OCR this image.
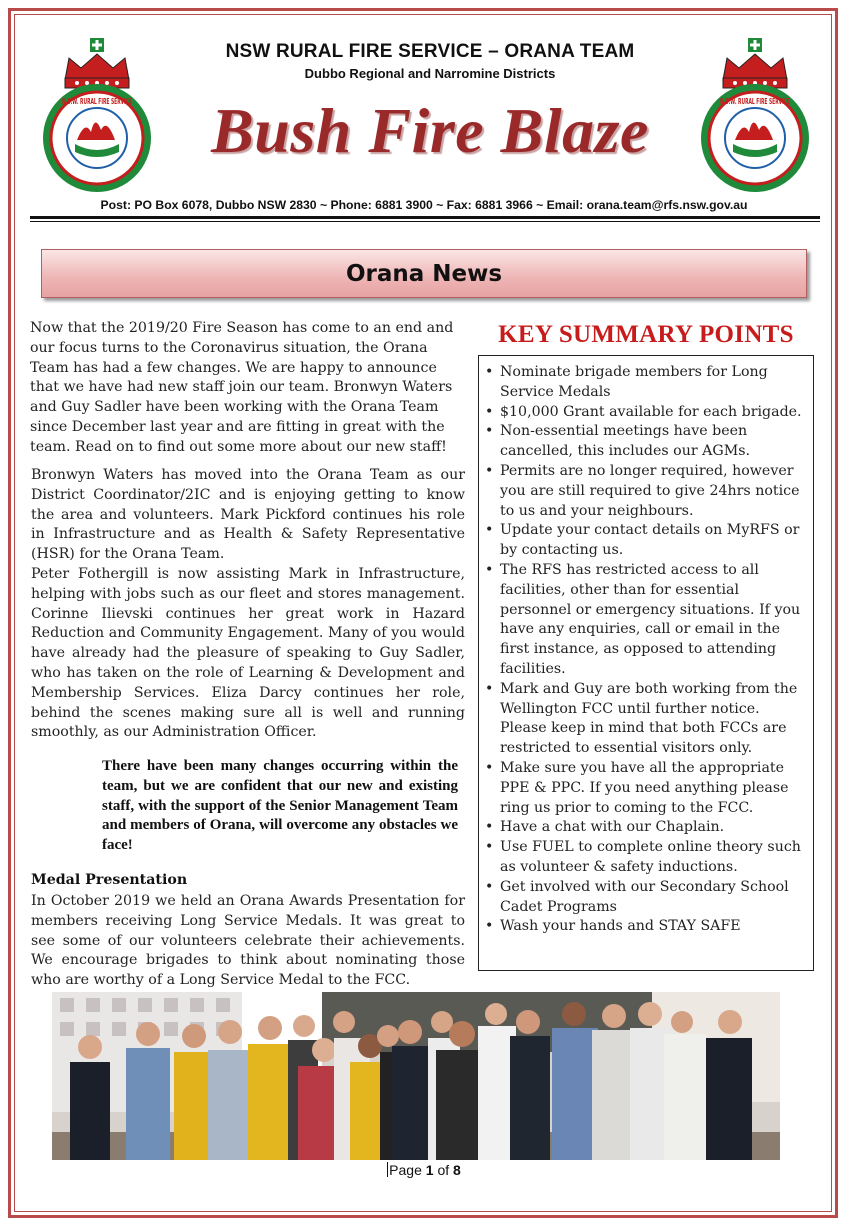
N.S.W. RURAL FIRE SERVICE	N.S.W. RURAL FIRE SERVICE
NSW RURAL FIRE SERVICE – ORANA TEAM
Dubbo Regional and Narromine Districts
Bush Fire Blaze
Post: PO Box 6078, Dubbo NSW 2830 ~ Phone: 6881 3900 ~ Fax: 6881 3966 ~ Email: orana.team@rfs.nsw.gov.au
Orana News

Now that the 2019/20 Fire Season has come to an end and our focus turns to the Coronavirus situation, the Orana Team has had a few changes. We are happy to announce that we have had new staff join our team. Bronwyn Waters and Guy Sadler have been working with the Orana Team since December last year and are fitting in great with the team. Read on to find out some more about our new staff!

Bronwyn Waters has moved into the Orana Team as our District Coordinator/2IC and is enjoying getting to know the area and volunteers. Mark Pickford continues his role in Infrastructure and as Health & Safety Representative (HSR) for the Orana Team.

Peter Fothergill is now assisting Mark in Infrastructure, helping with jobs such as our fleet and stores management. Corinne Ilievski continues her great work in Hazard Reduction and Community Engagement. Many of you would have already had the pleasure of speaking to Guy Sadler, who has taken on the role of Learning & Development and Membership Services. Eliza Darcy continues her role, behind the scenes making sure all is well and running smoothly, as our Administration Officer.

There have been many changes occurring within the team, but we are confident that our new and existing staff, with the support of the Senior Management Team and members of Orana, will overcome any obstacles we face!
Medal Presentation
In October 2019 we held an Orana Awards Presentation for members receiving Long Service Medals. It was great to see some of our volunteers celebrate their achievements. We encourage brigades to think about nominating those who are worthy of a Long Service Medal to the FCC.
KEY SUMMARY POINTS
• Nominate brigade members for Long Service Medals
• $10,000 Grant available for each brigade.
• Non-essential meetings have been cancelled, this includes our AGMs.
• Permits are no longer required, however you are still required to give 24hrs notice to us and your neighbours.
• Update your contact details on MyRFS or by contacting us.
• The RFS has restricted access to all facilities, other than for essential personnel or emergency situations. If you have any enquiries, call or email in the first instance, as opposed to attending facilities.
• Mark and Guy are both working from the Wellington FCC until further notice. Please keep in mind that both FCCs are restricted to essential visitors only.
• Make sure you have all the appropriate PPE & PPC. If you need anything please ring us prior to coming to the FCC.
• Have a chat with our Chaplain.
• Use FUEL to complete online theory such as volunteer & safety inductions.
• Get involved with our Secondary School Cadet Programs
• Wash your hands and STAY SAFE
Page 1 of 8
